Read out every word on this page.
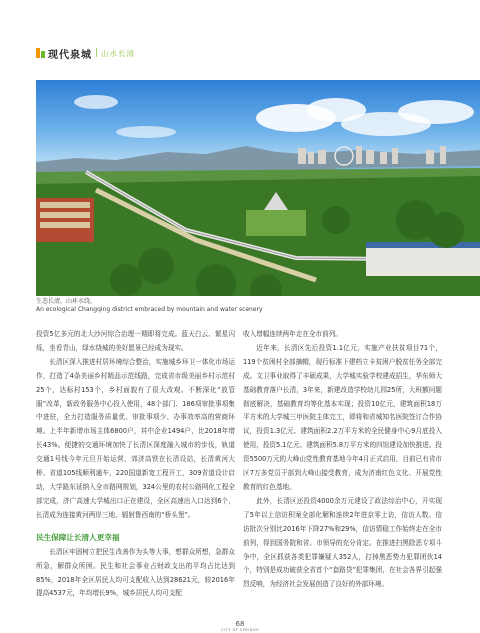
现代泉城 | 山水长清
生态长清，山环水绕。
An ecological Changqing district embraced by mountain and water scenery

投资5亿多元的北大沙河综合治理一期即将完成。蓝天白云、繁星闪烁，坐看青山，绿水绕城的美好愿景已经成为现实。

长清区深入推进村居环境综合整治，实施城乡环卫一体化市场运作，打造了4条美丽乡村精品示范线路，完成省市级美丽乡村示范村25个，达标村153个，乡村面貌有了很大改观。不断深化“放管服”改革，新政务服务中心投入使用，48个部门、186项审批事项集中进驻，全力打造服务质量优、审批事项少、办事效率高的营商环境。上半年新增市场主体6800户，其中企业1494户，比2018年增长43%。便捷的交通环境加快了长清区深度融入城市的步伐，轨道交通1号线今年元旦开始运营，郊济高铁在长清设站，长清黄河大桥、省道105线顺利通车，220国道新宽工程开工，309省道设计启动，大学路东延纳入全市路网规划，324公里的农村公路网化工程全部完成，济广高速大学城出口正在建设，全区高速出入口达到6个，长清成为连接黄河两岸三地、辐射鲁西南的“桥头堡”。

民生保障让长清人更幸福

长清区牢固树立把民生改善作为头等大事，想群众所想，急群众所急，解群众所困。民生和社会事业占财政支出的平均占比达到85%，2018年全区居民人均可支配收入达到28621元，较2016年提高4537元，年均增长9%，城乡居民人均可支配

收入增幅连续两年走在全市前列。

近年来，长清区先后投资1.1亿元，实施产业扶贫项目71个，119个贫困村全部摘帽，现行标准下建档立卡贫困户脱贫任务全部完成。文卫事业取得了丰硕成果，大学城实验学校建成招生，华东师大基础教育落户长清，3年来，新建改造学校幼儿园25所，大班额问题彻底解决，基础教育均等化基本实现；投资10亿元，建筑面积18万平方米的大学城三甲医院主体完工，即将和省城知名医院签订合作协议，投资1.3亿元、建筑面积2.2万平方米的全民健身中心9月底投入使用，投资5.1亿元、建筑面积5.8万平方米的四馆建设加快推进。投资5500万元的大峰山党性教育基地今年4月正式启用，目前已有省市区7万多党员干部到大峰山接受教育，成为济南红色文化、开展党性教育的红色基地。

此外，长清区还投资4000余万元建设了政法综治中心，开实现了5年以上信访积案全部化解和连续2年进京零上访，信访人数、信访批次分别比2016年下降27%和29%，信访情稳工作始终走在全市前列，得到国务院和省、市领导的充分肯定。在推进扫黑除恶专项斗争中，全区抓获各类犯罪嫌疑人352人，打掉黑恶势力犯罪团伙14个，特别是成功破获全省首个“套路贷”犯罪集团，在社会各界引起强烈反响，为经济社会发展创造了良好的外部环境。

68
CITY OF SPRINGS
